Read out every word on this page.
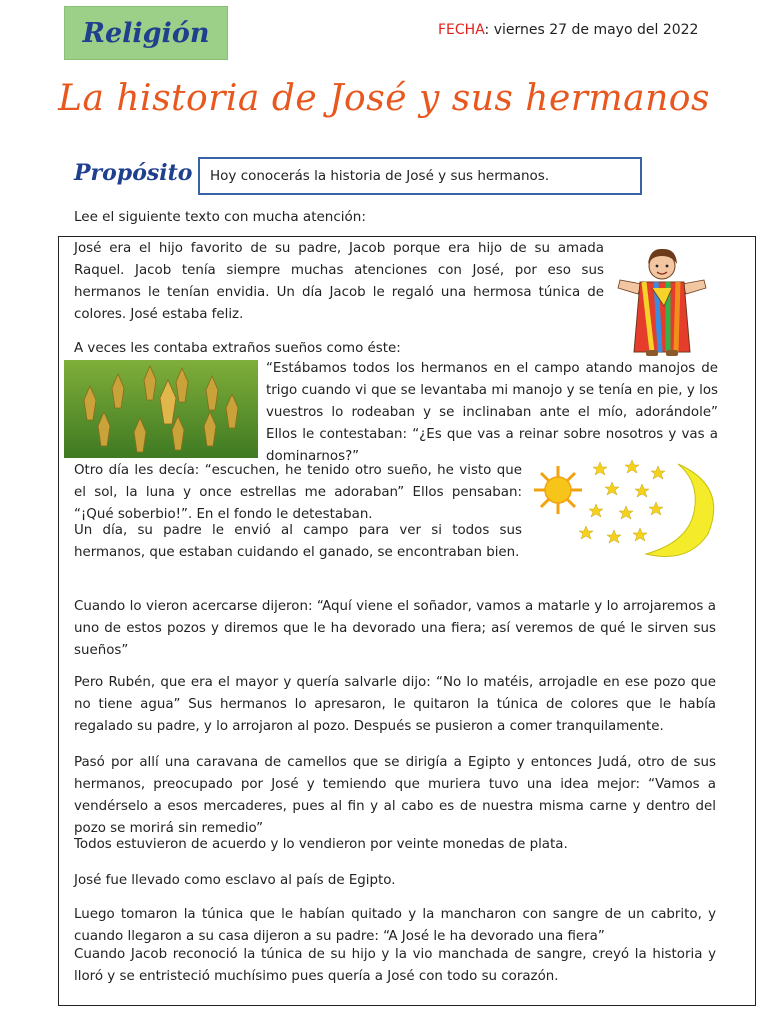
Religión	FECHA: viernes 27 de mayo del 2022
La historia de José y sus hermanos
Propósito	Hoy conocerás la historia de José y sus hermanos.
Lee el siguiente texto con mucha atención:

José era el hijo favorito de su padre, Jacob porque era hijo de su amada Raquel. Jacob tenía siempre muchas atenciones con José, por eso sus hermanos le tenían envidia. Un día Jacob le regaló una hermosa túnica de colores. José estaba feliz.

A veces les contaba extraños sueños como éste:

“Estábamos todos los hermanos en el campo atando manojos de trigo cuando vi que se levantaba mi manojo y se tenía en pie, y los vuestros lo rodeaban y se inclinaban ante el mío, adorándole” Ellos le contestaban: “¿Es que vas a reinar sobre nosotros y vas a dominarnos?”

Otro día les decía: “escuchen, he tenido otro sueño, he visto que el sol, la luna y once estrellas me adoraban” Ellos pensaban: “¡Qué soberbio!”. En el fondo le detestaban.

Un día, su padre le envió al campo para ver si todos sus hermanos, que estaban cuidando el ganado, se encontraban bien.

Cuando lo vieron acercarse dijeron: “Aquí viene el soñador, vamos a matarle y lo arrojaremos a uno de estos pozos y diremos que le ha devorado una fiera; así veremos de qué le sirven sus sueños”

Pero Rubén, que era el mayor y quería salvarle dijo: “No lo matéis, arrojadle en ese pozo que no tiene agua” Sus hermanos lo apresaron, le quitaron la túnica de colores que le había regalado su padre, y lo arrojaron al pozo. Después se pusieron a comer tranquilamente.

Pasó por allí una caravana de camellos que se dirigía a Egipto y entonces Judá, otro de sus hermanos, preocupado por José y temiendo que muriera tuvo una idea mejor: “Vamos a vendérselo a esos mercaderes, pues al fin y al cabo es de nuestra misma carne y dentro del pozo se morirá sin remedio”

Todos estuvieron de acuerdo y lo vendieron por veinte monedas de plata.

José fue llevado como esclavo al país de Egipto.

Luego tomaron la túnica que le habían quitado y la mancharon con sangre de un cabrito, y cuando llegaron a su casa dijeron a su padre: “A José le ha devorado una fiera”

Cuando Jacob reconoció la túnica de su hijo y la vio manchada de sangre, creyó la historia y lloró y se entristeció muchísimo pues quería a José con todo su corazón.
